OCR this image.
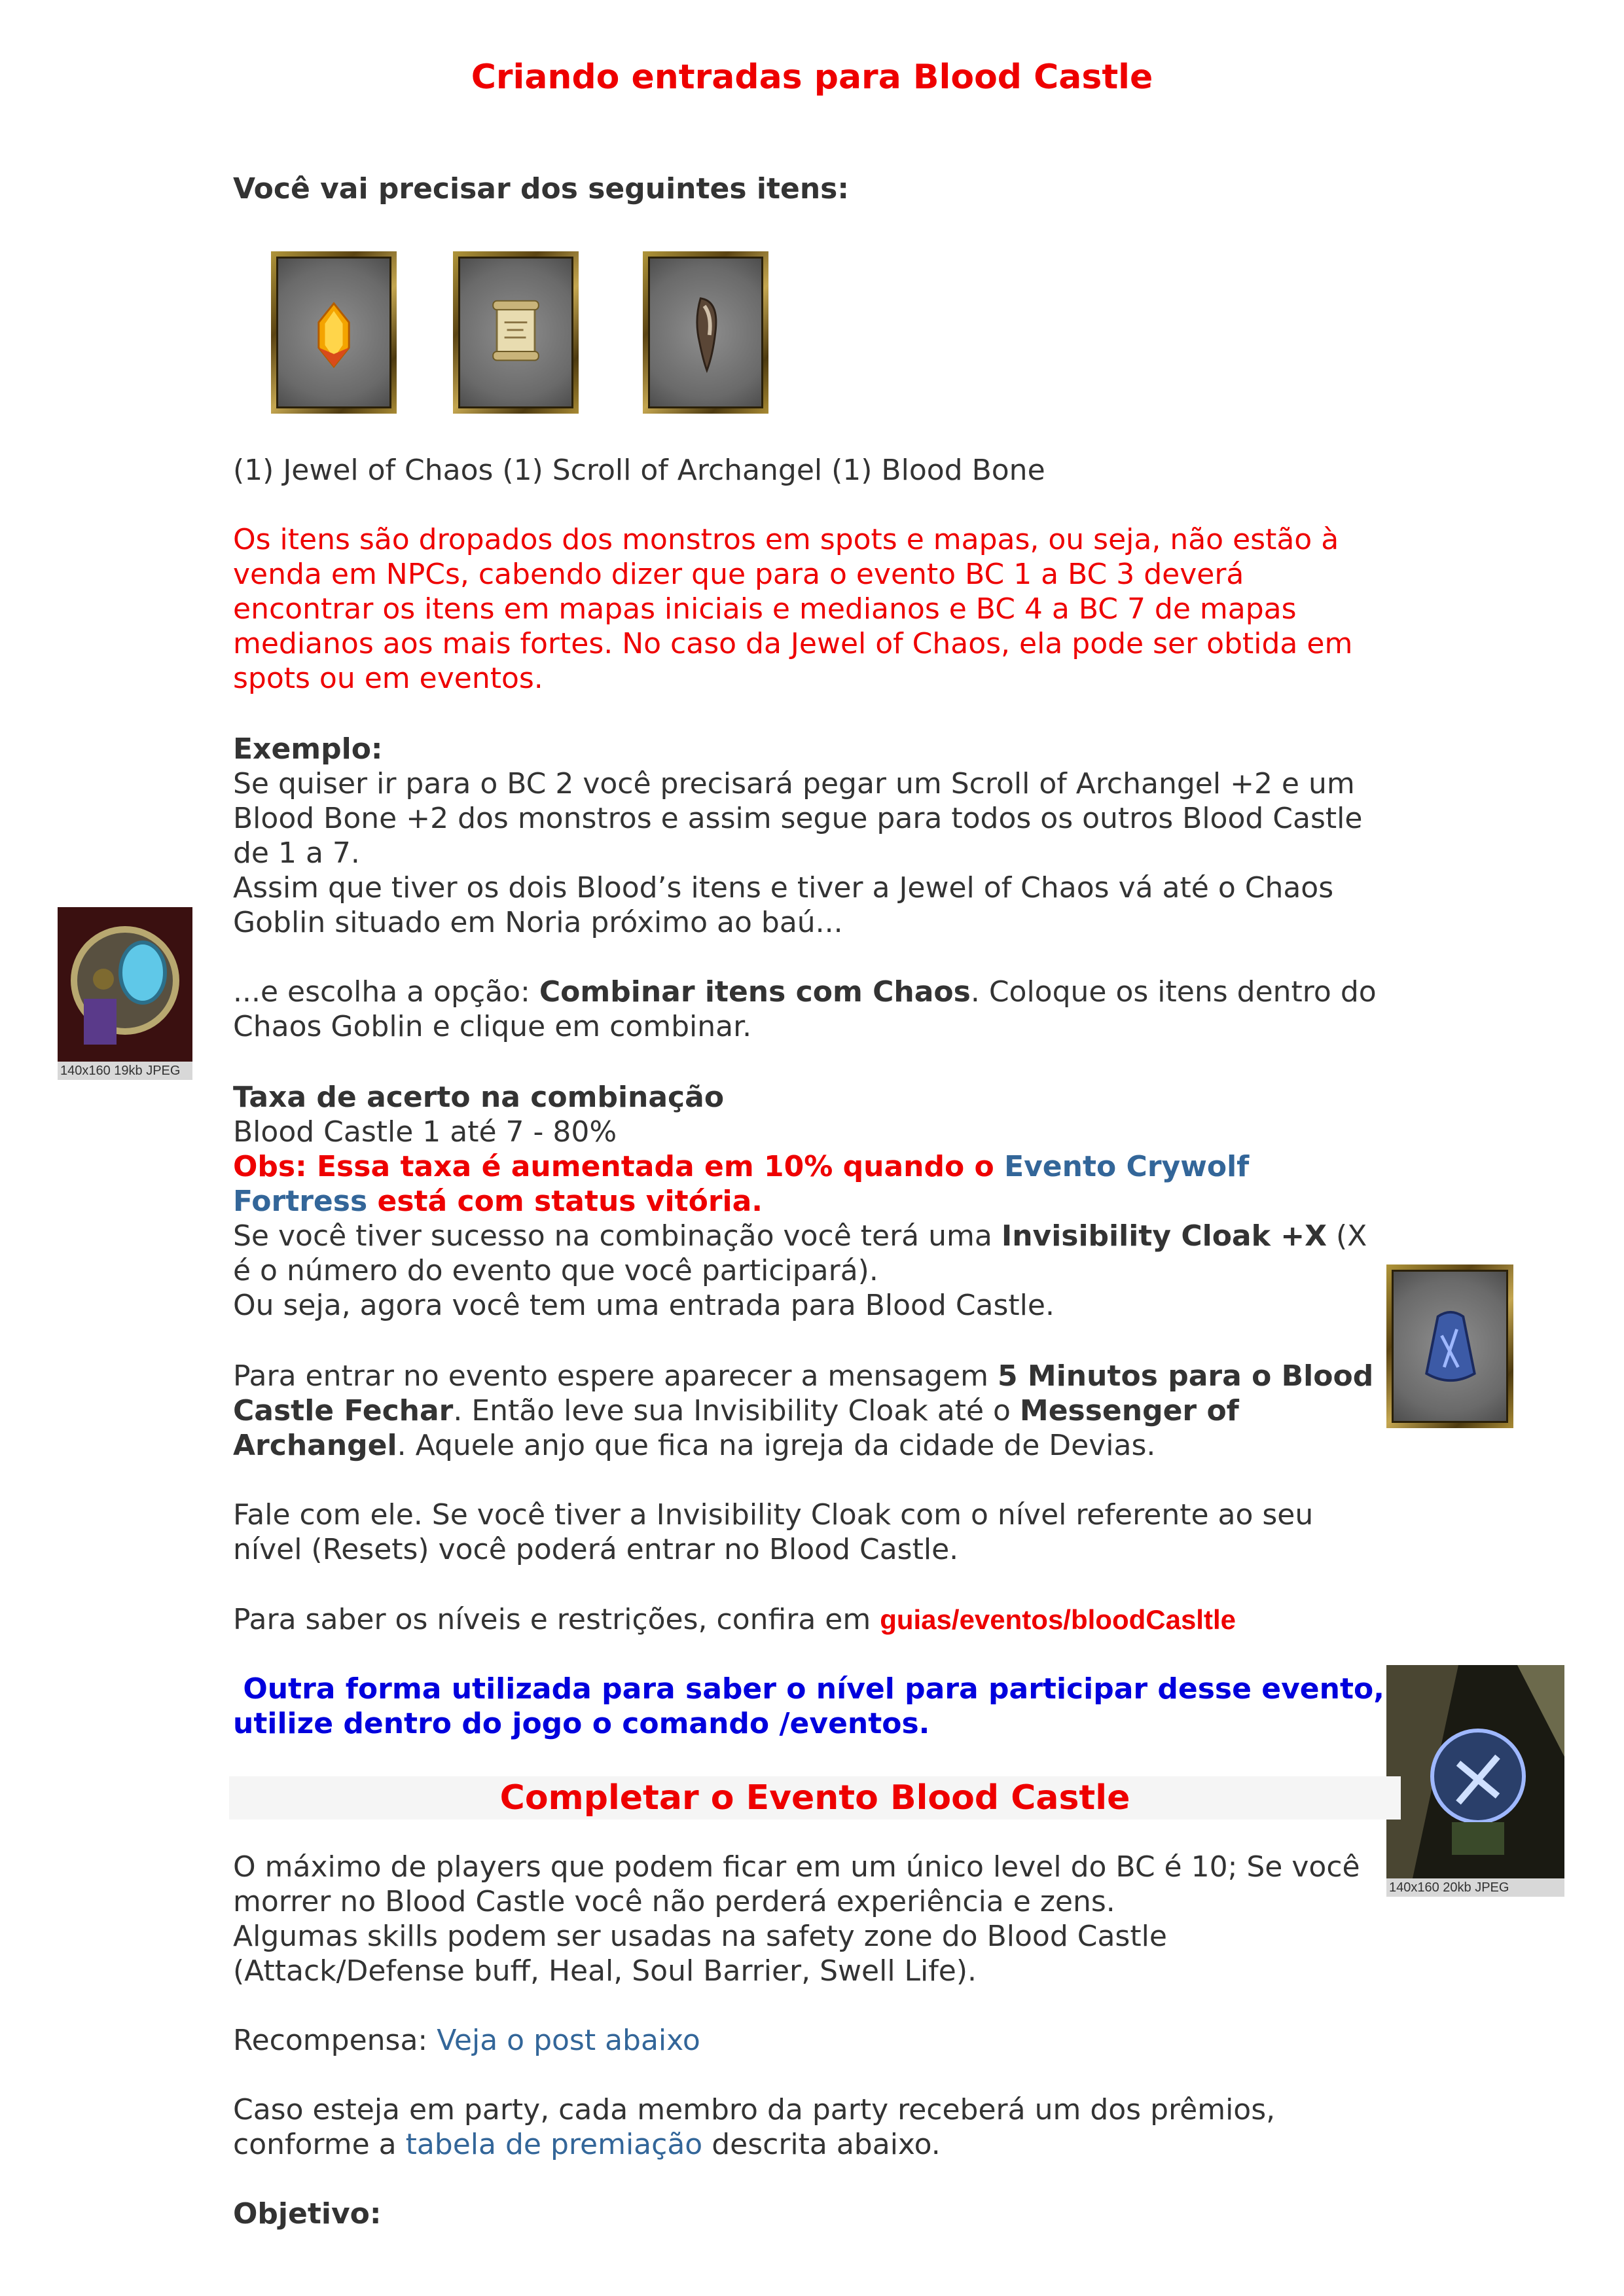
Criando entradas para Blood Castle
Você vai precisar dos seguintes itens:
(1) Jewel of Chaos (1) Scroll of Archangel (1) Blood Bone
Os itens são dropados dos monstros em spots e mapas, ou seja, não estão à
venda em NPCs, cabendo dizer que para o evento BC 1 a BC 3 deverá
encontrar os itens em mapas iniciais e medianos e BC 4 a BC 7 de mapas
medianos aos mais fortes. No caso da Jewel of Chaos, ela pode ser obtida em
spots ou em eventos.
Exemplo:
Se quiser ir para o BC 2 você precisará pegar um Scroll of Archangel +2 e um
Blood Bone +2 dos monstros e assim segue para todos os outros Blood Castle
de 1 a 7.
Assim que tiver os dois Blood’s itens e tiver a Jewel of Chaos vá até o Chaos
Goblin situado em Noria próximo ao baú...
...e escolha a opção: Combinar itens com Chaos. Coloque os itens dentro do
Chaos Goblin e clique em combinar.
140x160 19kb JPEG
Taxa de acerto na combinação
Blood Castle 1 até 7 - 80%
Obs: Essa taxa é aumentada em 10% quando o Evento Crywolf
Fortress está com status vitória.
Se você tiver sucesso na combinação você terá uma Invisibility Cloak +X (X
é o número do evento que você participará).
Ou seja, agora você tem uma entrada para Blood Castle.
Para entrar no evento espere aparecer a mensagem 5 Minutos para o Blood
Castle Fechar. Então leve sua Invisibility Cloak até o Messenger of
Archangel. Aquele anjo que fica na igreja da cidade de Devias.
Fale com ele. Se você tiver a Invisibility Cloak com o nível referente ao seu
nível (Resets) você poderá entrar no Blood Castle.
140x160 20kb JPEG
Para saber os níveis e restrições, confira em guias/eventos/bloodCasltle
Outra forma utilizada para saber o nível para participar desse evento,
utilize dentro do jogo o comando /eventos.
Completar o Evento Blood Castle
O máximo de players que podem ficar em um único level do BC é 10; Se você
morrer no Blood Castle você não perderá experiência e zens.
Algumas skills podem ser usadas na safety zone do Blood Castle
(Attack/Defense buff, Heal, Soul Barrier, Swell Life).
Recompensa: Veja o post abaixo
Caso esteja em party, cada membro da party receberá um dos prêmios,
conforme a tabela de premiação descrita abaixo.
Objetivo:
